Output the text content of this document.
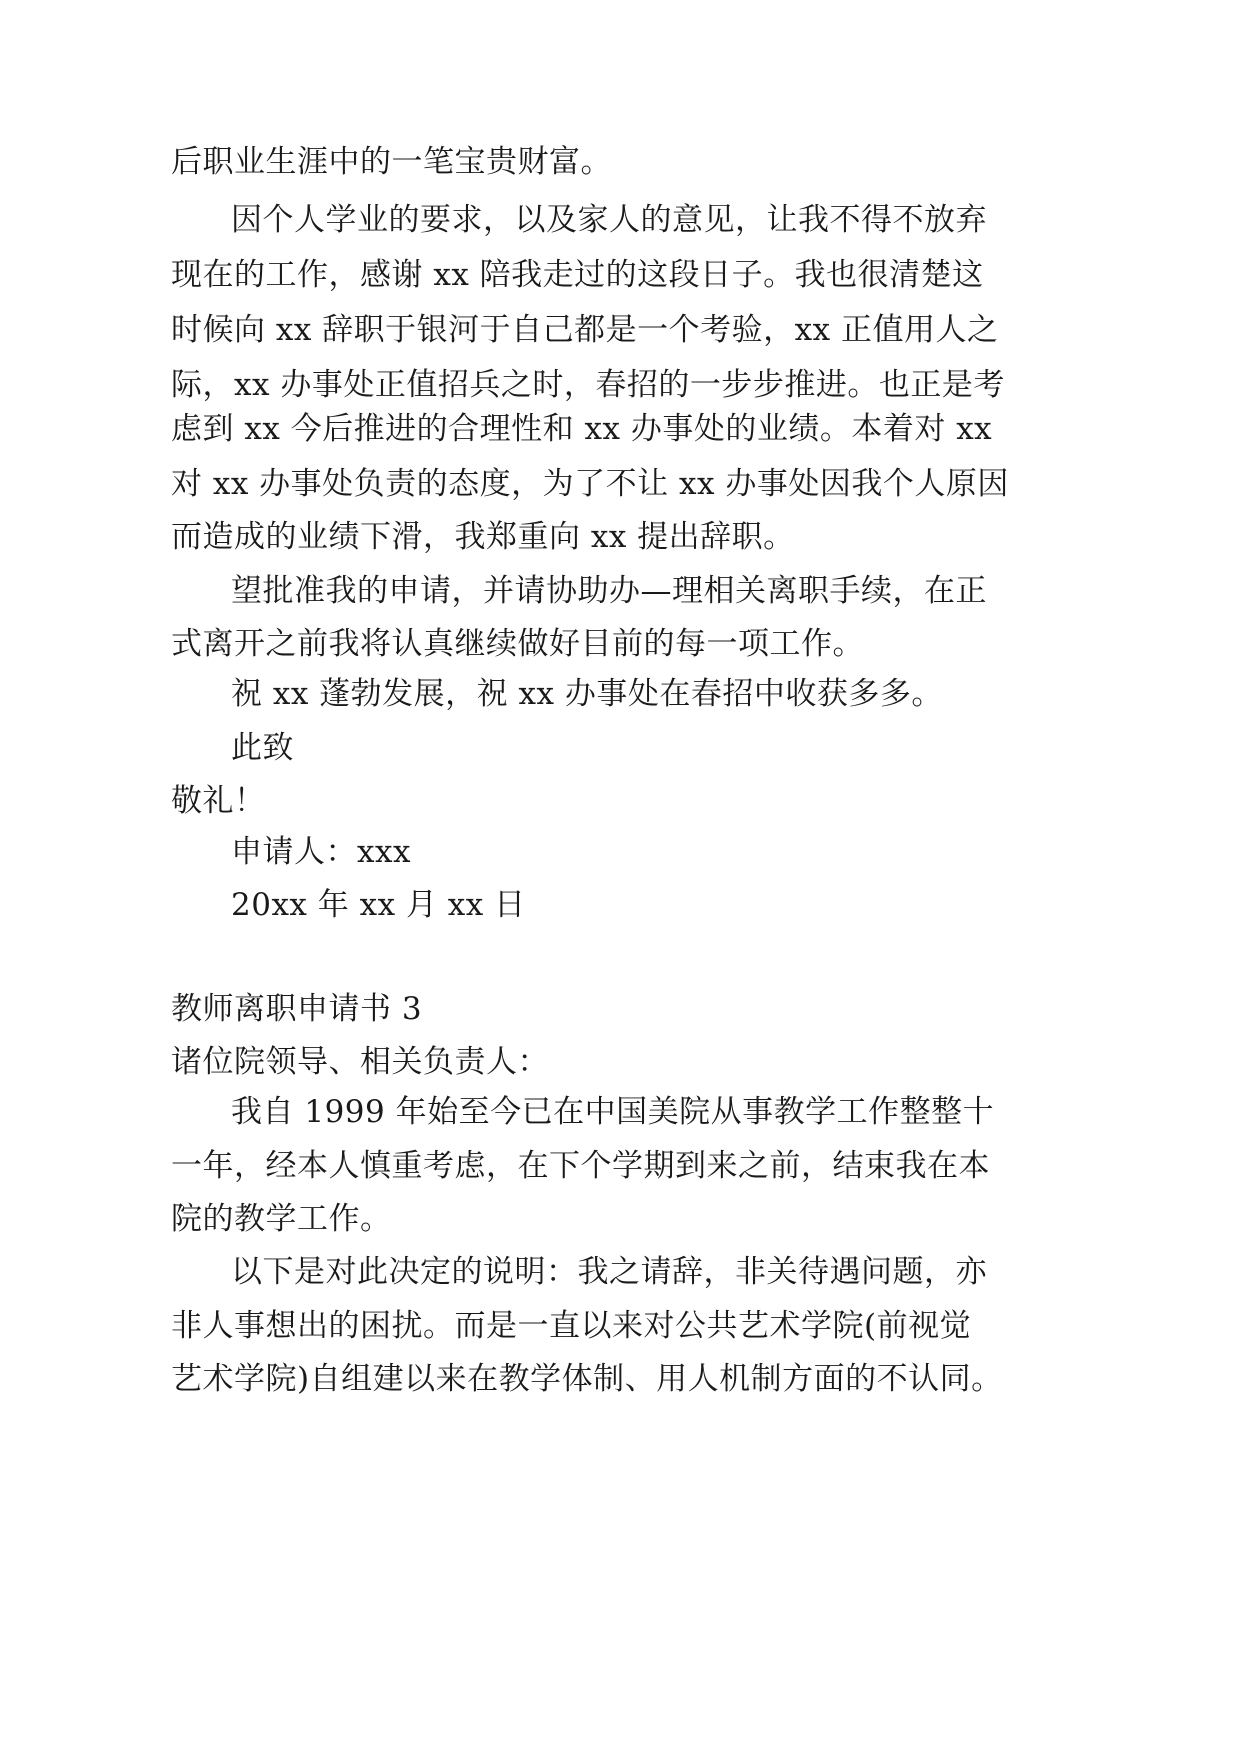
后职业生涯中的一笔宝贵财富。

因个人学业的要求，以及家人的意见，让我不得不放弃

现在的工作，感谢 xx 陪我走过的这段日子。我也很清楚这

时候向 xx 辞职于银河于自己都是一个考验，xx 正值用人之

际，xx 办事处正值招兵之时，春招的一步步推进。也正是考

虑到 xx 今后推进的合理性和 xx 办事处的业绩。本着对 xx

对 xx 办事处负责的态度，为了不让 xx 办事处因我个人原因

而造成的业绩下滑，我郑重向 xx 提出辞职。

望批准我的申请，并请协助办—理相关离职手续，在正

式离开之前我将认真继续做好目前的每一项工作。

祝 xx 蓬勃发展，祝 xx 办事处在春招中收获多多。

此致

敬礼！

申请人：xxx

20xx 年 xx 月 xx 日

教师离职申请书 3

诸位院领导、相关负责人：

我自 1999 年始至今已在中国美院从事教学工作整整十

一年，经本人慎重考虑，在下个学期到来之前，结束我在本

院的教学工作。

以下是对此决定的说明：我之请辞，非关待遇问题，亦

非人事想出的困扰。而是一直以来对公共艺术学院(前视觉

艺术学院)自组建以来在教学体制、用人机制方面的不认同。
